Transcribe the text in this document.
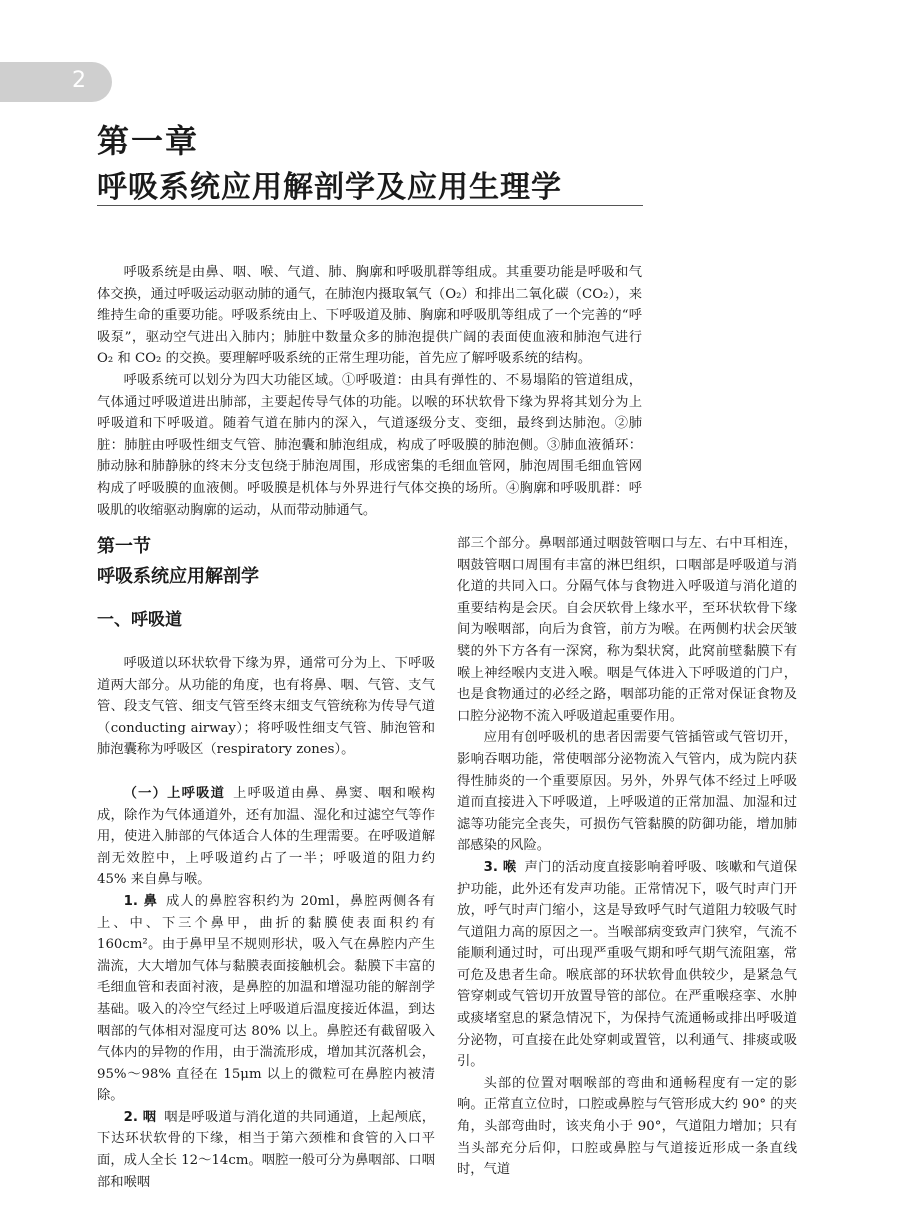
2
第一章
呼吸系统应用解剖学及应用生理学

呼吸系统是由鼻、咽、喉、气道、肺、胸廓和呼吸肌群等组成。其重要功能是呼吸和气体交换，通过呼吸运动驱动肺的通气，在肺泡内摄取氧气（O₂）和排出二氧化碳（CO₂），来维持生命的重要功能。呼吸系统由上、下呼吸道及肺、胸廓和呼吸肌等组成了一个完善的“呼吸泵”，驱动空气进出入肺内；肺脏中数量众多的肺泡提供广阔的表面使血液和肺泡气进行 O₂ 和 CO₂ 的交换。要理解呼吸系统的正常生理功能，首先应了解呼吸系统的结构。

呼吸系统可以划分为四大功能区域。①呼吸道：由具有弹性的、不易塌陷的管道组成，气体通过呼吸道进出肺部，主要起传导气体的功能。以喉的环状软骨下缘为界将其划分为上呼吸道和下呼吸道。随着气道在肺内的深入，气道逐级分支、变细，最终到达肺泡。②肺脏：肺脏由呼吸性细支气管、肺泡囊和肺泡组成，构成了呼吸膜的肺泡侧。③肺血液循环：肺动脉和肺静脉的终末分支包绕于肺泡周围，形成密集的毛细血管网，肺泡周围毛细血管网构成了呼吸膜的血液侧。呼吸膜是机体与外界进行气体交换的场所。④胸廓和呼吸肌群：呼吸肌的收缩驱动胸廓的运动，从而带动肺通气。

第一节
呼吸系统应用解剖学
一、呼吸道

呼吸道以环状软骨下缘为界，通常可分为上、下呼吸道两大部分。从功能的角度，也有将鼻、咽、气管、支气管、段支气管、细支气管至终末细支气管统称为传导气道（conducting airway）；将呼吸性细支气管、肺泡管和肺泡囊称为呼吸区（respiratory zones）。

（一）上呼吸道 上呼吸道由鼻、鼻窦、咽和喉构成，除作为气体通道外，还有加温、湿化和过滤空气等作用，使进入肺部的气体适合人体的生理需要。在呼吸道解剖无效腔中，上呼吸道约占了一半；呼吸道的阻力约 45% 来自鼻与喉。

1. 鼻 成人的鼻腔容积约为 20ml，鼻腔两侧各有上、中、下三个鼻甲，曲折的黏膜使表面积约有 160cm²。由于鼻甲呈不规则形状，吸入气在鼻腔内产生湍流，大大增加气体与黏膜表面接触机会。黏膜下丰富的毛细血管和表面衬液，是鼻腔的加温和增湿功能的解剖学基础。吸入的冷空气经过上呼吸道后温度接近体温，到达咽部的气体相对湿度可达 80% 以上。鼻腔还有截留吸入气体内的异物的作用，由于湍流形成，增加其沉落机会，95%～98% 直径在 15μm 以上的微粒可在鼻腔内被清除。

2. 咽 咽是呼吸道与消化道的共同通道，上起颅底，下达环状软骨的下缘，相当于第六颈椎和食管的入口平面，成人全长 12～14cm。咽腔一般可分为鼻咽部、口咽部和喉咽

部三个部分。鼻咽部通过咽鼓管咽口与左、右中耳相连，咽鼓管咽口周围有丰富的淋巴组织，口咽部是呼吸道与消化道的共同入口。分隔气体与食物进入呼吸道与消化道的重要结构是会厌。自会厌软骨上缘水平，至环状软骨下缘间为喉咽部，向后为食管，前方为喉。在两侧杓状会厌皱襞的外下方各有一深窝，称为梨状窝，此窝前壁黏膜下有喉上神经喉内支进入喉。咽是气体进入下呼吸道的门户，也是食物通过的必经之路，咽部功能的正常对保证食物及口腔分泌物不流入呼吸道起重要作用。

应用有创呼吸机的患者因需要气管插管或气管切开，影响吞咽功能，常使咽部分泌物流入气管内，成为院内获得性肺炎的一个重要原因。另外，外界气体不经过上呼吸道而直接进入下呼吸道，上呼吸道的正常加温、加湿和过滤等功能完全丧失，可损伤气管黏膜的防御功能，增加肺部感染的风险。

3. 喉 声门的活动度直接影响着呼吸、咳嗽和气道保护功能，此外还有发声功能。正常情况下，吸气时声门开放，呼气时声门缩小，这是导致呼气时气道阻力较吸气时气道阻力高的原因之一。当喉部病变致声门狭窄，气流不能顺利通过时，可出现严重吸气期和呼气期气流阻塞，常可危及患者生命。喉底部的环状软骨血供较少，是紧急气管穿刺或气管切开放置导管的部位。在严重喉痉挛、水肿或痰堵窒息的紧急情况下，为保持气流通畅或排出呼吸道分泌物，可直接在此处穿刺或置管，以利通气、排痰或吸引。

头部的位置对咽喉部的弯曲和通畅程度有一定的影响。正常直立位时，口腔或鼻腔与气管形成大约 90° 的夹角，头部弯曲时，该夹角小于 90°，气道阻力增加；只有当头部充分后仰，口腔或鼻腔与气道接近形成一条直线时，气道
